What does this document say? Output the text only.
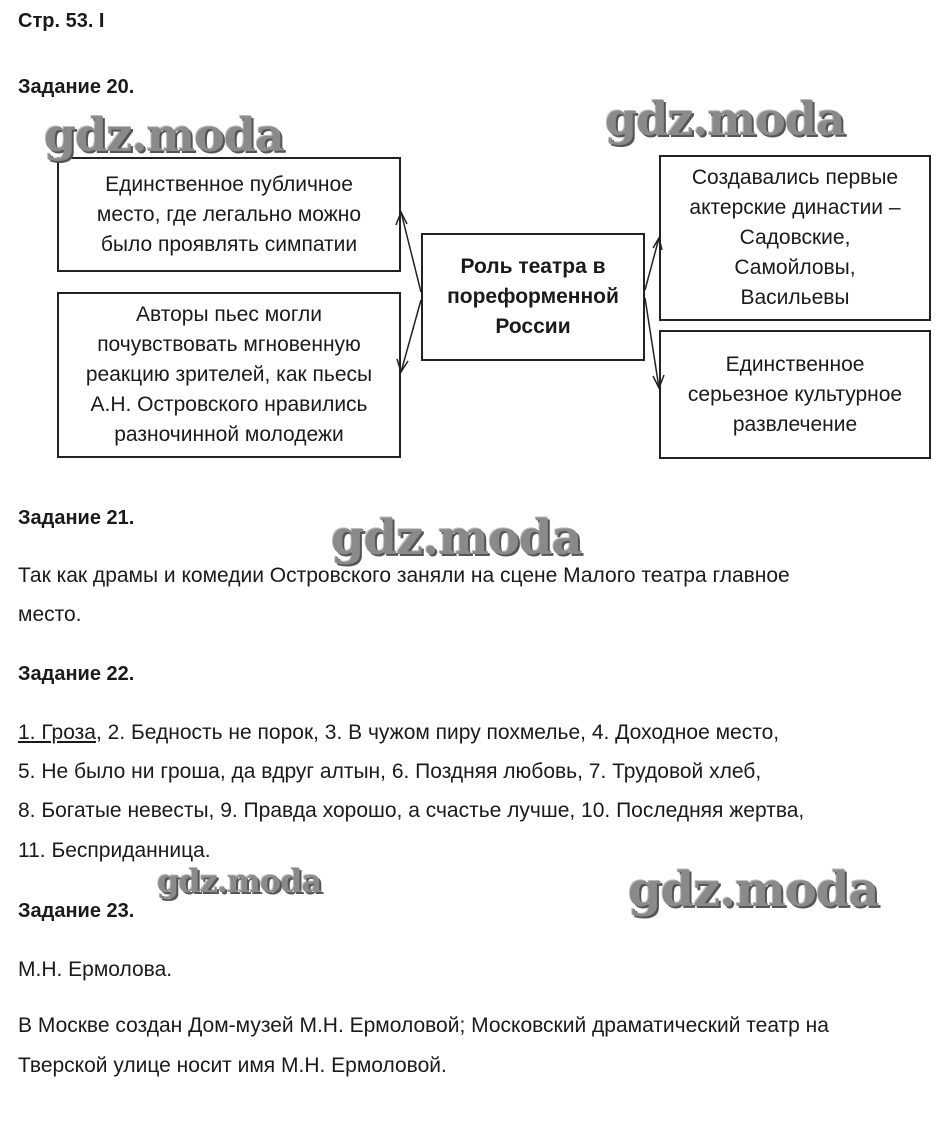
Стр. 53. I
Задание 20.
Единственное публичное
место, где легально можно
было проявлять симпатии
Авторы пьес могли
почувствовать мгновенную
реакцию зрителей, как пьесы
А.Н. Островского нравились
разночинной молодежи
Роль театра в
пореформенной
России
Создавались первые
актерские династии –
Садовские,
Самойловы,
Васильевы
Единственное
серьезное культурное
развлечение
Задание 21.
Так как драмы и комедии Островского заняли на сцене Малого театра главное
место.
Задание 22.
1. Гроза, 2. Бедность не порок, 3. В чужом пиру похмелье, 4. Доходное место,
5. Не было ни гроша, да вдруг алтын, 6. Поздняя любовь, 7. Трудовой хлеб,
8. Богатые невесты, 9. Правда хорошо, а счастье лучше, 10. Последняя жертва,
11. Бесприданница.
Задание 23.
М.Н. Ермолова.
В Москве создан Дом-музей М.Н. Ермоловой; Московский драматический театр на
Тверской улице носит имя М.Н. Ермоловой.
gdz.moda	gdz.moda
gdz.moda
gdz.moda	gdz.moda
